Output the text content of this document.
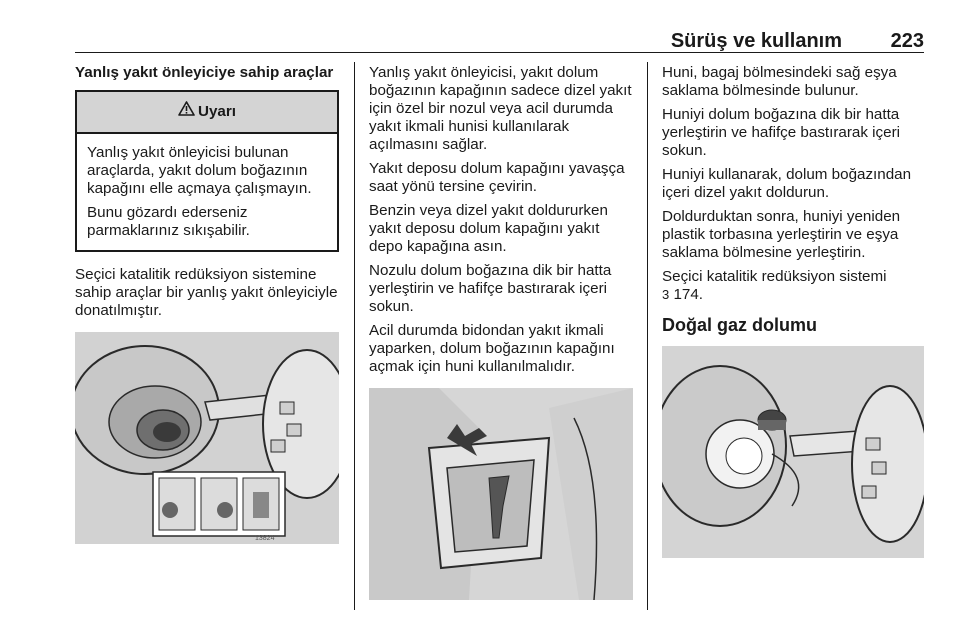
Sürüş ve kullanım 223
Yanlış yakıt önleyiciye sahip araçlar
Uyarı

Yanlış yakıt önleyicisi bulunan araçlarda, yakıt dolum boğazının kapağını elle açmaya çalışmayın.

Bunu gözardı ederseniz parmaklarınız sıkışabilir.

Seçici katalitik redüksiyon sistemine sahip araçlar bir yanlış yakıt önleyiciyle donatılmıştır.

13824

Yanlış yakıt önleyicisi, yakıt dolum boğazının kapağının sadece dizel yakıt için özel bir nozul veya acil durumda yakıt ikmali hunisi kullanılarak açılmasını sağlar.

Yakıt deposu dolum kapağını yavaşça saat yönü tersine çevirin.

Benzin veya dizel yakıt doldururken yakıt deposu dolum kapağını yakıt depo kapağına asın.

Nozulu dolum boğazına dik bir hatta yerleştirin ve hafifçe bastırarak içeri sokun.

Acil durumda bidondan yakıt ikmali yaparken, dolum boğazının kapağını açmak için huni kullanılmalıdır.

Huni, bagaj bölmesindeki sağ eşya saklama bölmesinde bulunur.

Huniyi dolum boğazına dik bir hatta yerleştirin ve hafifçe bastırarak içeri sokun.

Huniyi kullanarak, dolum boğazından içeri dizel yakıt doldurun.

Doldurduktan sonra, huniyi yeniden plastik torbasına yerleştirin ve eşya saklama bölmesine yerleştirin.

Seçici katalitik redüksiyon sistemi
3 174.

Doğal gaz dolumu
